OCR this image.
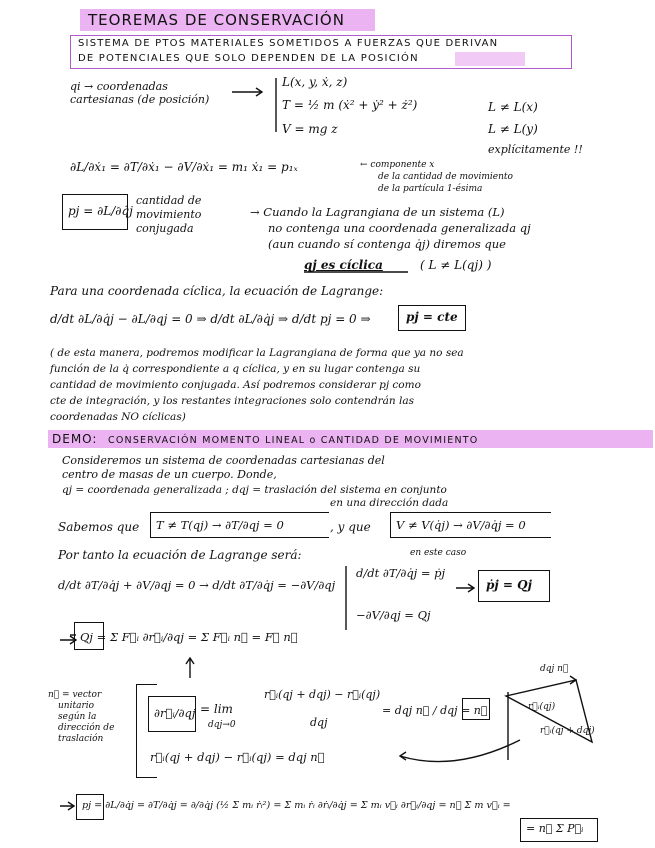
TEOREMAS DE CONSERVACIÓN
SISTEMA DE PTOS MATERIALES SOMETIDOS A FUERZAS QUE DERIVAN
DE POTENCIALES QUE SOLO DEPENDEN DE LA POSICIÓN
qi → coordenadas cartesianas (de posición)
L(x, y, ẋ, z)
T = ½ m (ẋ² + ẏ² + ż²)
V = mg z
L ≠ L(x)
L ≠ L(y)
explícitamente !!
∂L/∂ẋ₁ = ∂T/∂ẋ₁ − ∂V/∂ẋ₁ = m₁ ẋ₁ = p₁ₓ	← componente x
de la cantidad de movimiento
de la partícula 1-ésima
pj = ∂L/∂q̇j
cantidad de
movimiento
conjugada
→ Cuando la Lagrangiana de un sistema (L)
no contenga una coordenada generalizada qj
(aun cuando sí contenga q̇j) diremos que
qj es cíclica	( L ≠ L(qj) )
Para una coordenada cíclica, la ecuación de Lagrange:
d/dt ∂L/∂q̇j − ∂L/∂qj = 0 ⇒ d/dt ∂L/∂q̇j ⇒ d/dt pj = 0 ⇒	pj = cte
( de esta manera, podremos modificar la Lagrangiana de forma que ya no sea
función de la q̇ correspondiente a q cíclica, y en su lugar contenga su
cantidad de movimiento conjugada. Así podremos considerar pj como
cte de integración, y los restantes integraciones solo contendrán las
coordenadas NO cíclicas)
DEMO: CONSERVACIÓN MOMENTO LINEAL o CANTIDAD DE MOVIMIENTO
Consideremos un sistema de coordenadas cartesianas del
centro de masas de un cuerpo. Donde,
qj = coordenada generalizada ; dqj = traslación del sistema en conjunto
en una dirección dada
Sabemos que T ≠ T(qj) → ∂T/∂qj = 0	, y que V ≠ V(q̇j) → ∂V/∂q̇j = 0
Por tanto la ecuación de Lagrange será:	en este caso
d/dt ∂T/∂q̇j + ∂V/∂qj = 0 → d/dt ∂T/∂q̇j = −∂V/∂qj
d/dt ∂T/∂q̇j = ṗj
−∂V/∂qj = Qj
ṗj = Qj
Qj = Σ F⃗ᵢ ∂r⃗ᵢ/∂qj = Σ F⃗ᵢ n⃗ = F⃗ n⃗
n⃗ = vector
unitario
según la
dirección de
traslación
∂r⃗ᵢ/∂qj = lim
dqj→0
r⃗ᵢ(qj + dqj) − r⃗ᵢ(qj)
dqj
= dqj n⃗ / dqj = n⃗
dqj n⃗
r⃗ᵢ(qj)
r⃗ᵢ(qj + dqj)
r⃗ᵢ(qj + dqj) − r⃗ᵢ(qj) = dqj n⃗
pj = ∂L/∂q̇j = ∂T/∂q̇j = ∂/∂q̇j (½ Σ mᵢ ṙᵢ²) = Σ mᵢ ṙᵢ ∂ṙᵢ/∂q̇j = Σ mᵢ v⃗ᵢ ∂r⃗ᵢ/∂qj = n⃗ Σ m v⃗ᵢ =
= n⃗ Σ P⃗ᵢ
